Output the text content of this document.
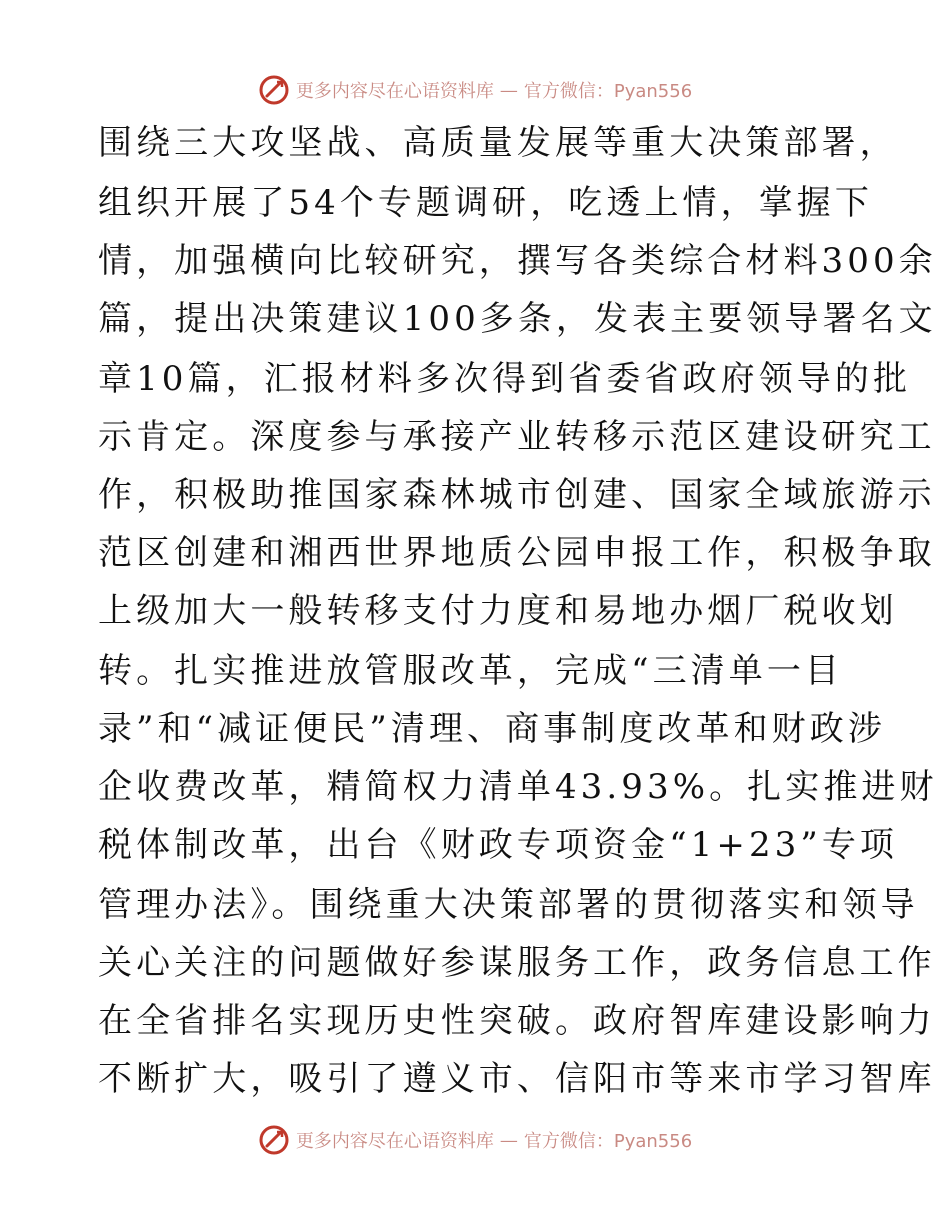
更多内容尽在心语资料库 — 官方微信：Pyan556
围绕三大攻坚战、高质量发展等重大决策部署，
组织开展了54个专题调研，吃透上情，掌握下
情，加强横向比较研究，撰写各类综合材料300余
篇，提出决策建议100多条，发表主要领导署名文
章10篇，汇报材料多次得到省委省政府领导的批
示肯定。深度参与承接产业转移示范区建设研究工
作，积极助推国家森林城市创建、国家全域旅游示
范区创建和湘西世界地质公园申报工作，积极争取
上级加大一般转移支付力度和易地办烟厂税收划
转。扎实推进放管服改革，完成“三清单一目
录”和“减证便民”清理、商事制度改革和财政涉
企收费改革，精简权力清单43.93%。扎实推进财
税体制改革，出台《财政专项资金“1+23”专项
管理办法》。围绕重大决策部署的贯彻落实和领导
关心关注的问题做好参谋服务工作，政务信息工作
在全省排名实现历史性突破。政府智库建设影响力
不断扩大，吸引了遵义市、信阳市等来市学习智库
更多内容尽在心语资料库 — 官方微信：Pyan556
